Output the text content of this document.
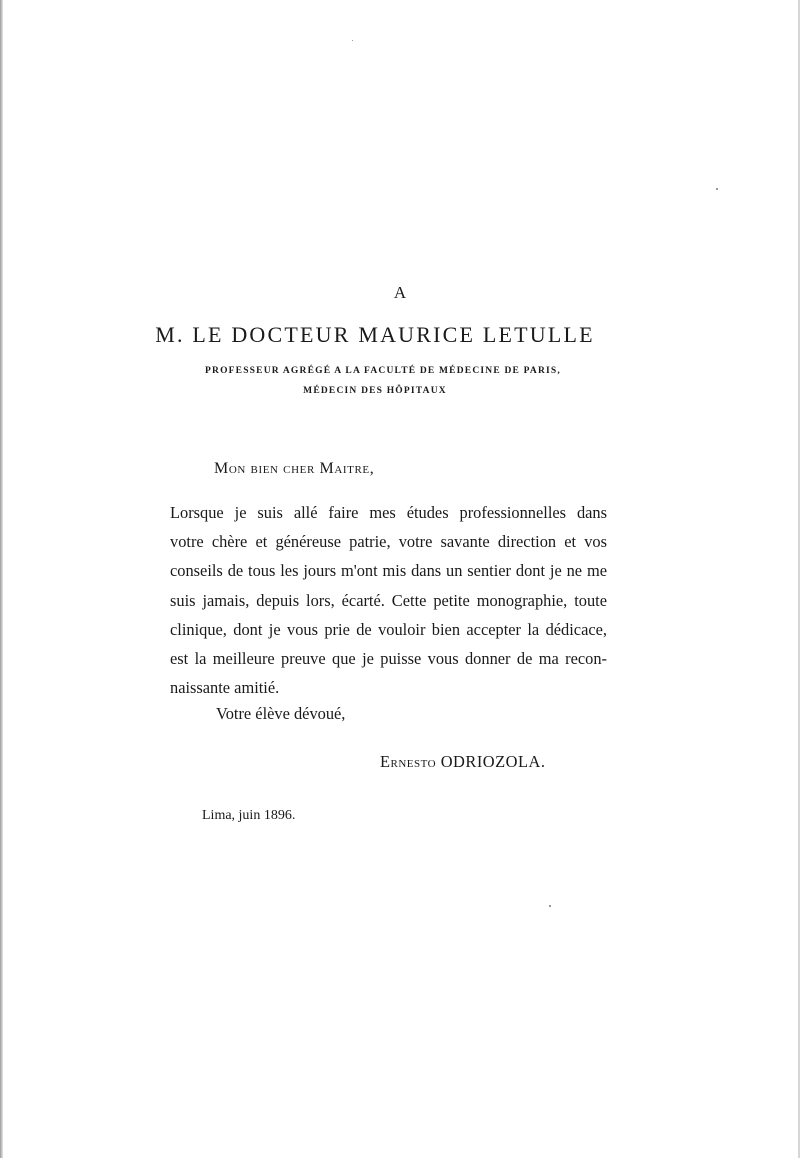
A
M. LE DOCTEUR MAURICE LETULLE
PROFESSEUR AGRÉGÉ A LA FACULTÉ DE MÉDECINE DE PARIS,
MÉDECIN DES HÔPITAUX
Mon bien cher Maitre,
Lorsque je suis allé faire mes études professionnelles dans
votre chère et généreuse patrie, votre savante direction et vos
conseils de tous les jours m'ont mis dans un sentier dont je ne me
suis jamais, depuis lors, écarté. Cette petite monographie, toute
clinique, dont je vous prie de vouloir bien accepter la dédicace,
est la meilleure preuve que je puisse vous donner de ma recon-
naissante amitié.
Votre élève dévoué,
Ernesto ODRIOZOLA.
Lima, juin 1896.
